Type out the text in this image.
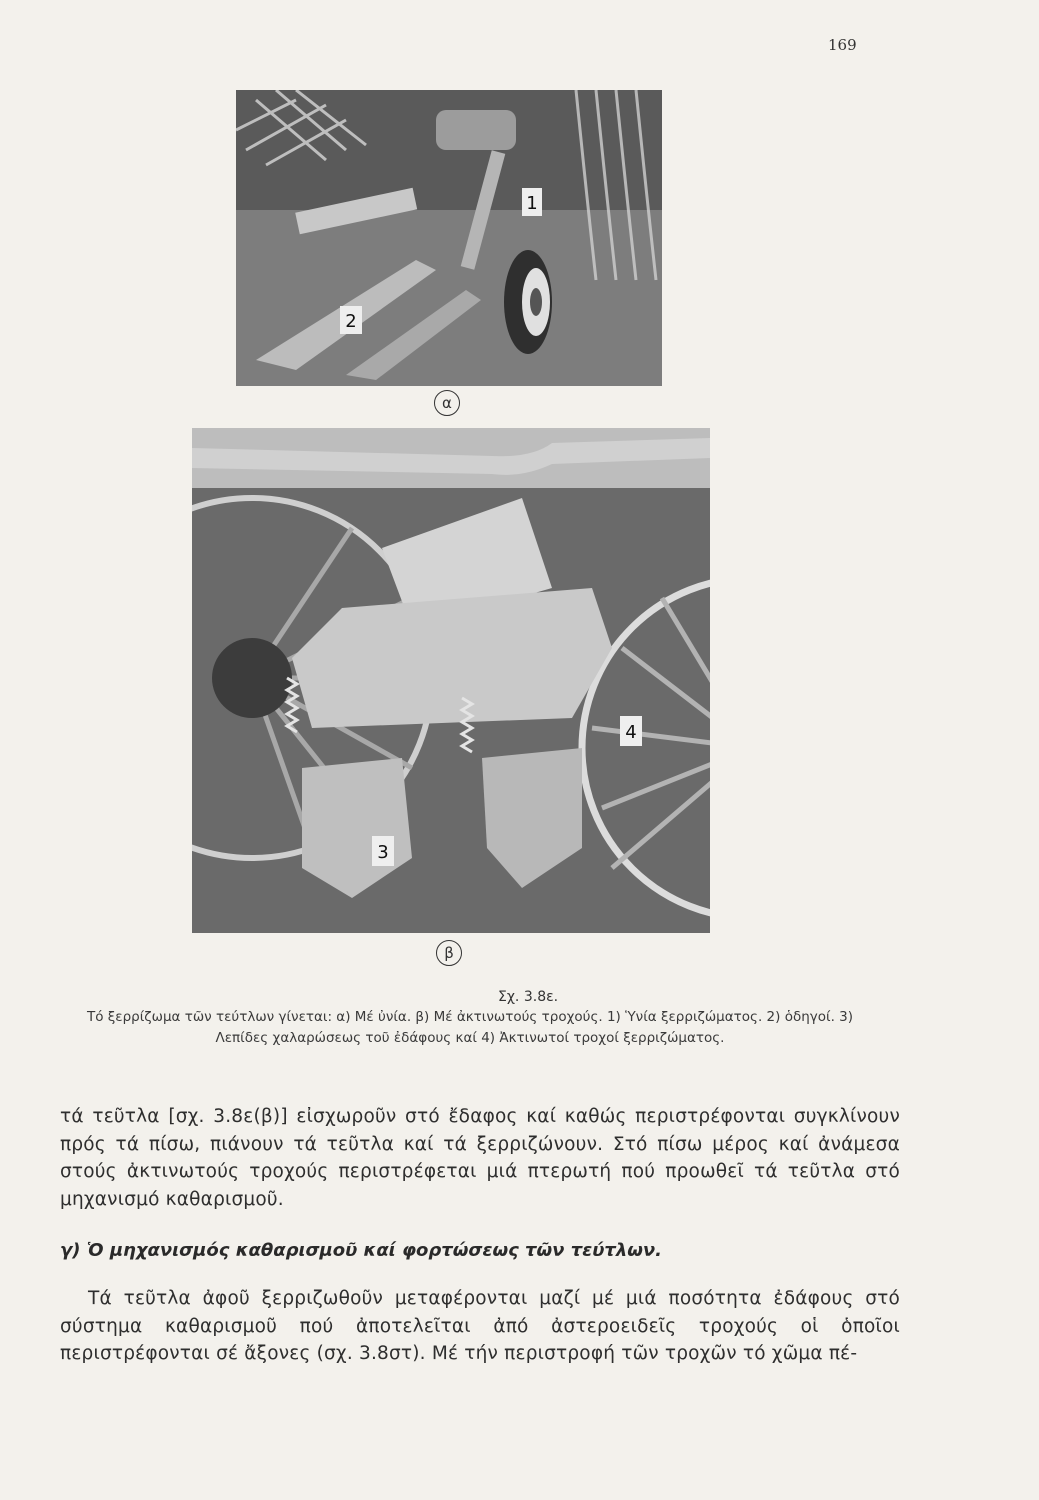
169
1
2
α
3
4
β
Σχ. 3.8ε.
Τό ξερρίζωμα τῶν τεύτλων γίνεται: α) Μέ ὐνία. β) Μέ ἀκτινωτούς τροχούς. 1) Ὑνία ξερριζώματος. 2) ὁδηγοί. 3) Λεπίδες χαλαρώσεως τοῦ ἐδάφους καί 4) Ἀκτινωτοί τροχοί ξερριζώματος.
τά τεῦτλα [σχ. 3.8ε(β)] εἰσχωροῦν στό ἔδαφος καί καθώς περιστρέφονται συγκλίνουν πρός τά πίσω, πιάνουν τά τεῦτλα καί τά ξερριζώνουν. Στό πίσω μέρος καί ἀνάμεσα στούς ἀκτινωτούς τροχούς περιστρέφεται μιά πτερωτή πού προωθεῖ τά τεῦτλα στό μηχανισμό καθαρισμοῦ.
γ) Ὁ μηχανισμός καθαρισμοῦ καί φορτώσεως τῶν τεύτλων.
Τά τεῦτλα ἀφοῦ ξερριζωθοῦν μεταφέρονται μαζί μέ μιά ποσότητα ἐδάφους στό σύστημα καθαρισμοῦ πού ἀποτελεῖται ἀπό ἀστεροειδεῖς τροχούς οἱ ὁποῖοι περιστρέφονται σέ ἄξονες (σχ. 3.8στ). Μέ τήν περιστροφή τῶν τροχῶν τό χῶμα πέ-
